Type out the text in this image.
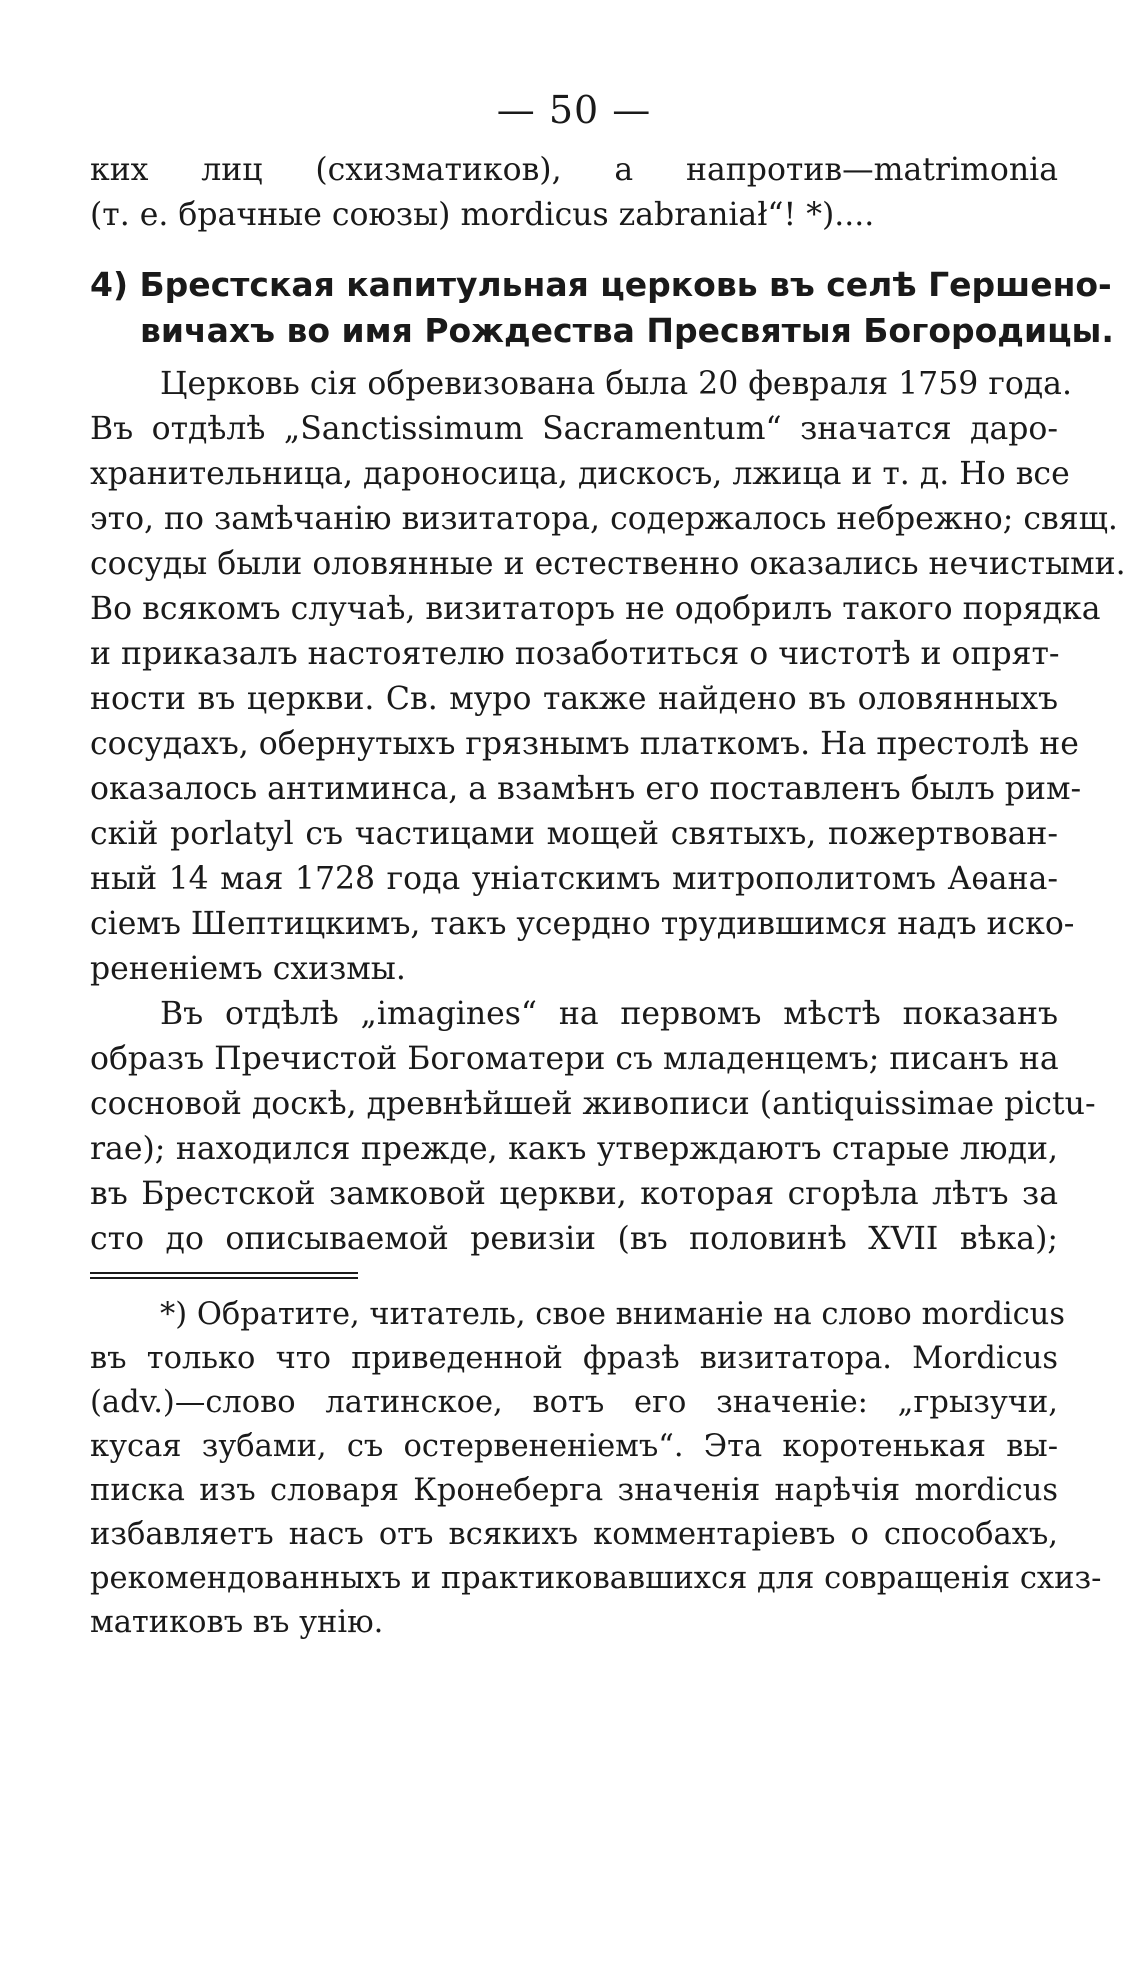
— 50 —
ких лиц (схизматиков), а напротив—matrimonia
(т. е. брачные союзы) mordicus zabraniał“! *)....
4) Брестская капитульная церковь въ селѣ Гершено-
вичахъ во имя Рождества Пресвятыя Богородицы.
Церковь сія обревизована была 20 февраля 1759 года.
Въ отдѣлѣ „Sanctissimum Sacramentum“ значатся даро-
хранительница, дароносица, дискосъ, лжица и т. д. Но все
это, по замѣчанію визитатора, содержалось небрежно; свящ.
сосуды были оловянные и естественно оказались нечистыми.
Во всякомъ случаѣ, визитаторъ не одобрилъ такого порядка
и приказалъ настоятелю позаботиться о чистотѣ и опрят-
ности въ церкви. Св. муро также найдено въ оловянныхъ
сосудахъ, обернутыхъ грязнымъ платкомъ. На престолѣ не
оказалось антиминса, а взамѣнъ его поставленъ былъ рим-
скій porlatyl съ частицами мощей святыхъ, пожертвован-
ный 14 мая 1728 года уніатскимъ митрополитомъ Аѳана-
сіемъ Шептицкимъ, такъ усердно трудившимся надъ искo-
рененіемъ схизмы.
Въ отдѣлѣ „imagines“ на первомъ мѣстѣ показанъ
образъ Пречистой Богоматери съ младенцемъ; писанъ на
сосновой доскѣ, древнѣйшей живописи (antiquissimae pictu-
rae); находился прежде, какъ утверждаютъ старые люди,
въ Брестской замковой церкви, которая сгорѣла лѣтъ за
сто до описываемой ревизіи (въ половинѣ XVII вѣка);
*) Обратите, читатель, свое вниманіе на слово mordicus
въ только что приведенной фразѣ визитатора. Mordicus
(adv.)—слово латинское, вотъ его значеніе: „грызучи,
кусая зубами, съ остервененіемъ“. Эта коротенькая вы-
писка изъ словаря Кронеберга значенія нарѣчія mordicus
избавляетъ насъ отъ всякихъ комментаріевъ о способахъ,
рекомендованныхъ и практиковавшихся для совращенія схиз-
матиковъ въ унію.
